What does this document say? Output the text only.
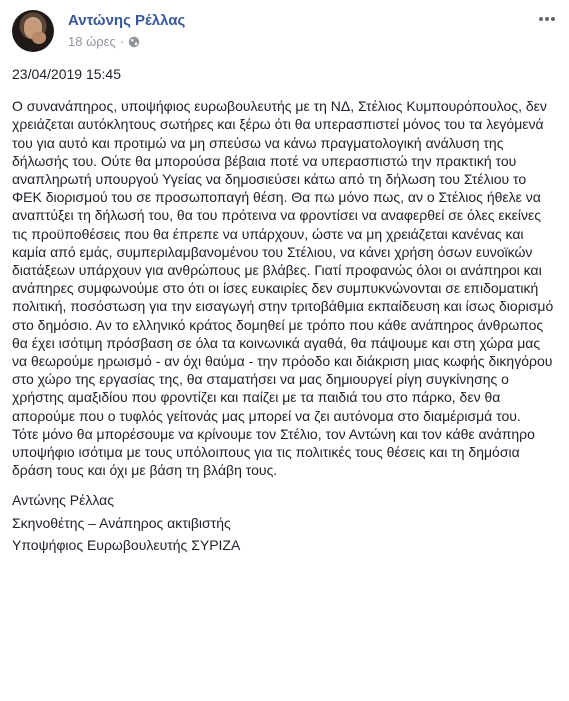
Αντώνης Ρέλλας
18 ώρες ·

23/04/2019 15:45

Ο συνανάπηρος, υποψήφιος ευρωβουλευτής με τη ΝΔ, Στέλιος Κυμπουρόπουλος, δεν χρειάζεται αυτόκλητους σωτήρες και ξέρω ότι θα υπερασπιστεί μόνος του τα λεγόμενά του για αυτό και προτιμώ να μη σπεύσω να κάνω πραγματολογική ανάλυση της δήλωσής του. Ούτε θα μπορούσα βέβαια ποτέ να υπερασπιστώ την πρακτική του αναπληρωτή υπουργού Υγείας να δημοσιεύσει κάτω από τη δήλωση του Στέλιου το ΦΕΚ διορισμού του σε προσωποπαγή θέση. Θα πω μόνο πως, αν ο Στέλιος ήθελε να αναπτύξει τη δήλωσή του, θα του πρότεινα να φροντίσει να αναφερθεί σε όλες εκείνες τις προϋποθέσεις που θα έπρεπε να υπάρχουν, ώστε να μη χρειάζεται κανένας και καμία από εμάς, συμπεριλαμβανομένου του Στέλιου, να κάνει χρήση όσων ευνοϊκών διατάξεων υπάρχουν για ανθρώπους με βλάβες. Γιατί προφανώς όλοι οι ανάπηροι και ανάπηρες συμφωνούμε στο ότι οι ίσες ευκαιρίες δεν συμπυκνώνονται σε επιδοματική πολιτική, ποσόστωση για την εισαγωγή στην τριτοβάθμια εκπαίδευση και ίσως διορισμό στο δημόσιο. Αν το ελληνικό κράτος δομηθεί με τρόπο που κάθε ανάπηρος άνθρωπος θα έχει ισότιμη πρόσβαση σε όλα τα κοινωνικά αγαθά, θα πάψουμε και στη χώρα μας να θεωρούμε ηρωισμό - αν όχι θαύμα - την πρόοδο και διάκριση μιας κωφής δικηγόρου στο χώρο της εργασίας της, θα σταματήσει να μας δημιουργεί ρίγη συγκίνησης ο χρήστης αμαξιδίου που φροντίζει και παίζει με τα παιδιά του στο πάρκο, δεν θα απορούμε που ο τυφλός γείτονάς μας μπορεί να ζει αυτόνομα στο διαμέρισμά του.
Τότε μόνο θα μπορέσουμε να κρίνουμε τον Στέλιο, τον Αντώνη και τον κάθε ανάπηρο υποψήφιο ισότιμα με τους υπόλοιπους για τις πολιτικές τους θέσεις και τη δημόσια δράση τους και όχι με βάση τη βλάβη τους.

Αντώνης Ρέλλας

Σκηνοθέτης – Ανάπηρος ακτιβιστής

Υποψήφιος Ευρωβουλευτής ΣΥΡΙΖΑ
